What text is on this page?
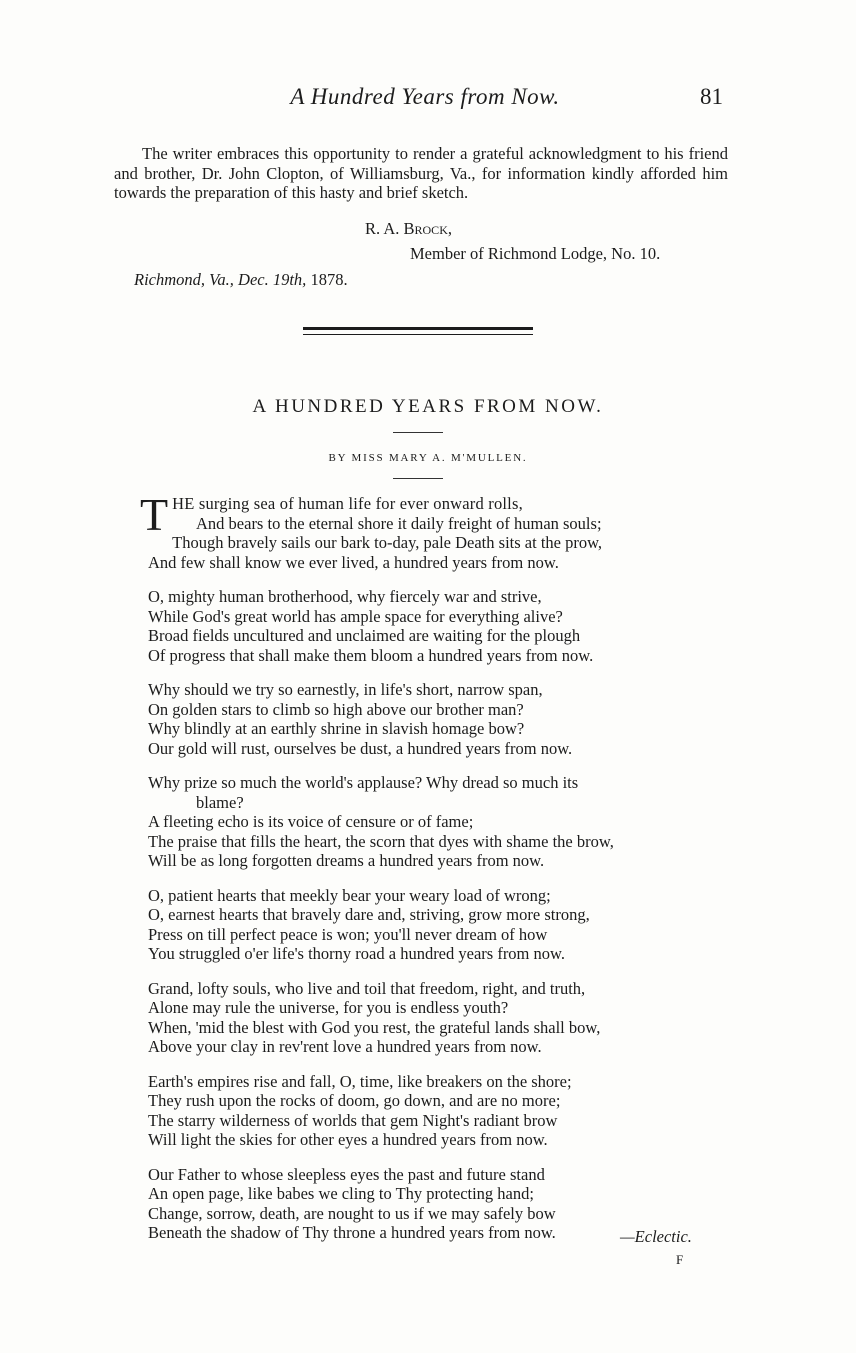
A Hundred Years from Now.	81

The writer embraces this opportunity to render a grateful acknowledgment to his friend and brother, Dr. John Clopton, of Williamsburg, Va., for information kindly afforded him towards the preparation of this hasty and brief sketch.

R. A. Brock,
Member of Richmond Lodge, No. 10.
Richmond, Va., Dec. 19th, 1878.
A HUNDRED YEARS FROM NOW.
BY MISS MARY A. M'MULLEN.
THE surging sea of human life for ever onward rolls,
And bears to the eternal shore it daily freight of human souls;
Though bravely sails our bark to-day, pale Death sits at the prow,
And few shall know we ever lived, a hundred years from now.
O, mighty human brotherhood, why fiercely war and strive,
While God's great world has ample space for everything alive?
Broad fields uncultured and unclaimed are waiting for the plough
Of progress that shall make them bloom a hundred years from now.
Why should we try so earnestly, in life's short, narrow span,
On golden stars to climb so high above our brother man?
Why blindly at an earthly shrine in slavish homage bow?
Our gold will rust, ourselves be dust, a hundred years from now.
Why prize so much the world's applause? Why dread so much its
blame?
A fleeting echo is its voice of censure or of fame;
The praise that fills the heart, the scorn that dyes with shame the brow,
Will be as long forgotten dreams a hundred years from now.
O, patient hearts that meekly bear your weary load of wrong;
O, earnest hearts that bravely dare and, striving, grow more strong,
Press on till perfect peace is won; you'll never dream of how
You struggled o'er life's thorny road a hundred years from now.
Grand, lofty souls, who live and toil that freedom, right, and truth,
Alone may rule the universe, for you is endless youth?
When, 'mid the blest with God you rest, the grateful lands shall bow,
Above your clay in rev'rent love a hundred years from now.
Earth's empires rise and fall, O, time, like breakers on the shore;
They rush upon the rocks of doom, go down, and are no more;
The starry wilderness of worlds that gem Night's radiant brow
Will light the skies for other eyes a hundred years from now.
Our Father to whose sleepless eyes the past and future stand
An open page, like babes we cling to Thy protecting hand;
Change, sorrow, death, are nought to us if we may safely bow
Beneath the shadow of Thy throne a hundred years from now.	—Eclectic.
F
